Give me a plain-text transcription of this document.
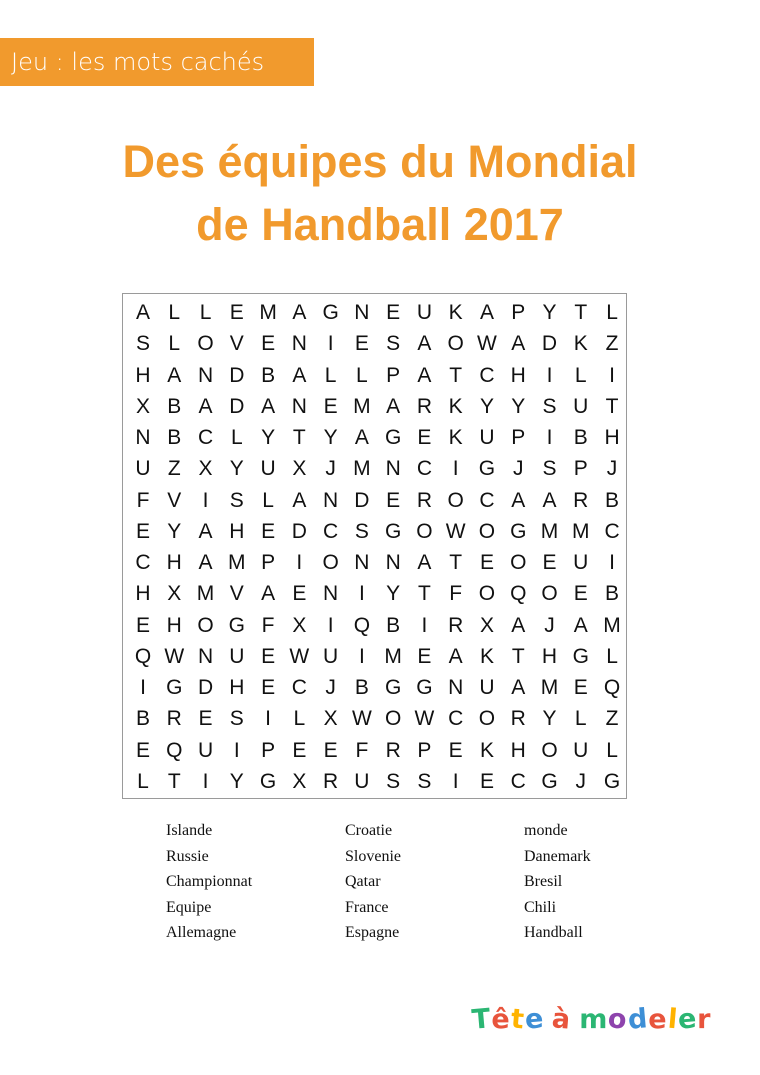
Jeu : les mots cachés
Des équipes du Mondial
de Handball 2017
A L L E M A G N E U K A P Y T L
S L O V E N I	E S A O W A D K Z
H A N D B A L L P A T C H I	L	I
X B A D A N E M A R K Y Y S U T
N B C L Y T Y A G E K U P	I	B H
U Z X Y U X J M N C I G J S P J
F V	I	S L A N D E R O C A A R B
E Y A H E D C S G O W O G M M C
C H A M P	I O N N A T E O E U I
H X M V A E N I	Y T F O Q O E B
E H O G F X	I Q B	I R X A J A M
Q W N U E W U I M E A K T H G L
I G D H E C J B G G N U A M E Q
B R E S	I	L X W O W C O R Y L Z
E Q U I	P E E F R P E K H O U L
L T	I	Y G X R U S S	I	E C G J G
Islande
Russie
Championnat
Equipe
Allemagne
Croatie
Slovenie
Qatar
France
Espagne
monde
Danemark
Bresil
Chili
Handball
Tête à modeler
